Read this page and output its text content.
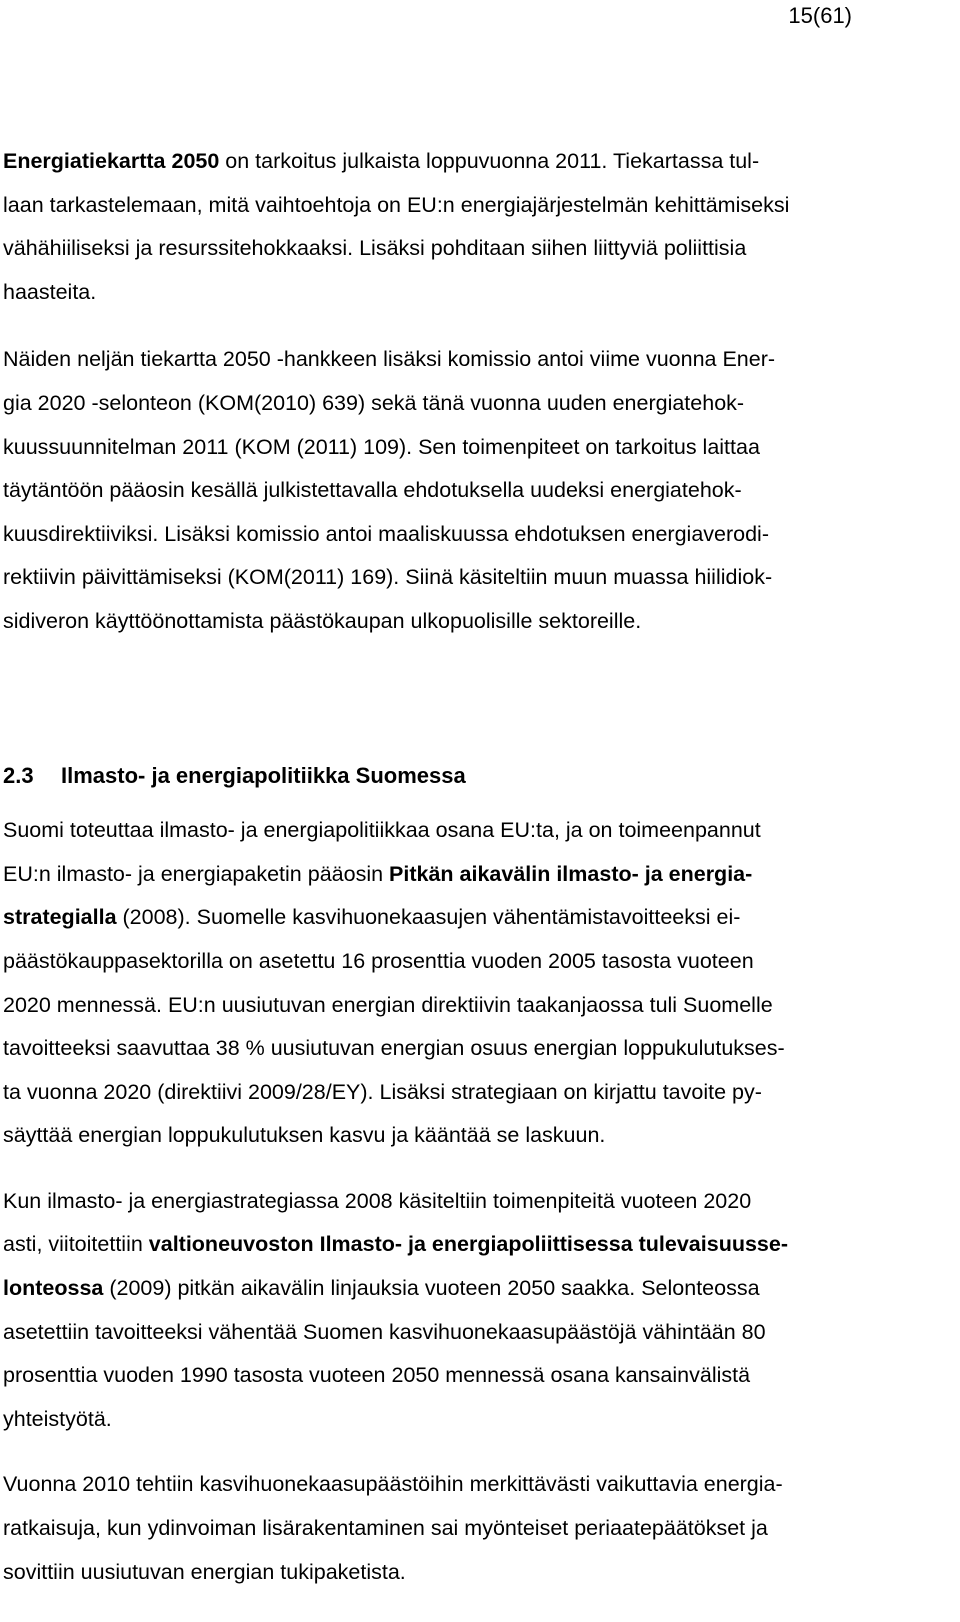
15(61)

Energiatiekartta 2050 on tarkoitus julkaista loppuvuonna 2011. Tiekartassa tul-
laan tarkastelemaan, mitä vaihtoehtoja on EU:n energiajärjestelmän kehittämiseksi
vähähiiliseksi ja resurssitehokkaaksi. Lisäksi pohditaan siihen liittyviä poliittisia
haasteita.

Näiden neljän tiekartta 2050 -hankkeen lisäksi komissio antoi viime vuonna Ener-
gia 2020 -selonteon (KOM(2010) 639) sekä tänä vuonna uuden energiatehok-
kuussuunnitelman 2011 (KOM (2011) 109). Sen toimenpiteet on tarkoitus laittaa
täytäntöön pääosin kesällä julkistettavalla ehdotuksella uudeksi energiatehok-
kuusdirektiiviksi. Lisäksi komissio antoi maaliskuussa ehdotuksen energiaverodi-
rektiivin päivittämiseksi (KOM(2011) 169). Siinä käsiteltiin muun muassa hiilidiok-
sidiveron käyttöönottamista päästökaupan ulkopuolisille sektoreille.

2.3 Ilmasto- ja energiapolitiikka Suomessa

Suomi toteuttaa ilmasto- ja energiapolitiikkaa osana EU:ta, ja on toimeenpannut
EU:n ilmasto- ja energiapaketin pääosin Pitkän aikavälin ilmasto- ja energia-
strategialla (2008). Suomelle kasvihuonekaasujen vähentämistavoitteeksi ei-
päästökauppasektorilla on asetettu 16 prosenttia vuoden 2005 tasosta vuoteen
2020 mennessä. EU:n uusiutuvan energian direktiivin taakanjaossa tuli Suomelle
tavoitteeksi saavuttaa 38 % uusiutuvan energian osuus energian loppukulutukses-
ta vuonna 2020 (direktiivi 2009/28/EY). Lisäksi strategiaan on kirjattu tavoite py-
säyttää energian loppukulutuksen kasvu ja kääntää se laskuun.

Kun ilmasto- ja energiastrategiassa 2008 käsiteltiin toimenpiteitä vuoteen 2020
asti, viitoitettiin valtioneuvoston Ilmasto- ja energiapoliittisessa tulevaisuusse-
lonteossa (2009) pitkän aikavälin linjauksia vuoteen 2050 saakka. Selonteossa
asetettiin tavoitteeksi vähentää Suomen kasvihuonekaasupäästöjä vähintään 80
prosenttia vuoden 1990 tasosta vuoteen 2050 mennessä osana kansainvälistä
yhteistyötä.

Vuonna 2010 tehtiin kasvihuonekaasupäästöihin merkittävästi vaikuttavia energia-
ratkaisuja, kun ydinvoiman lisärakentaminen sai myönteiset periaatepäätökset ja
sovittiin uusiutuvan energian tukipaketista.
